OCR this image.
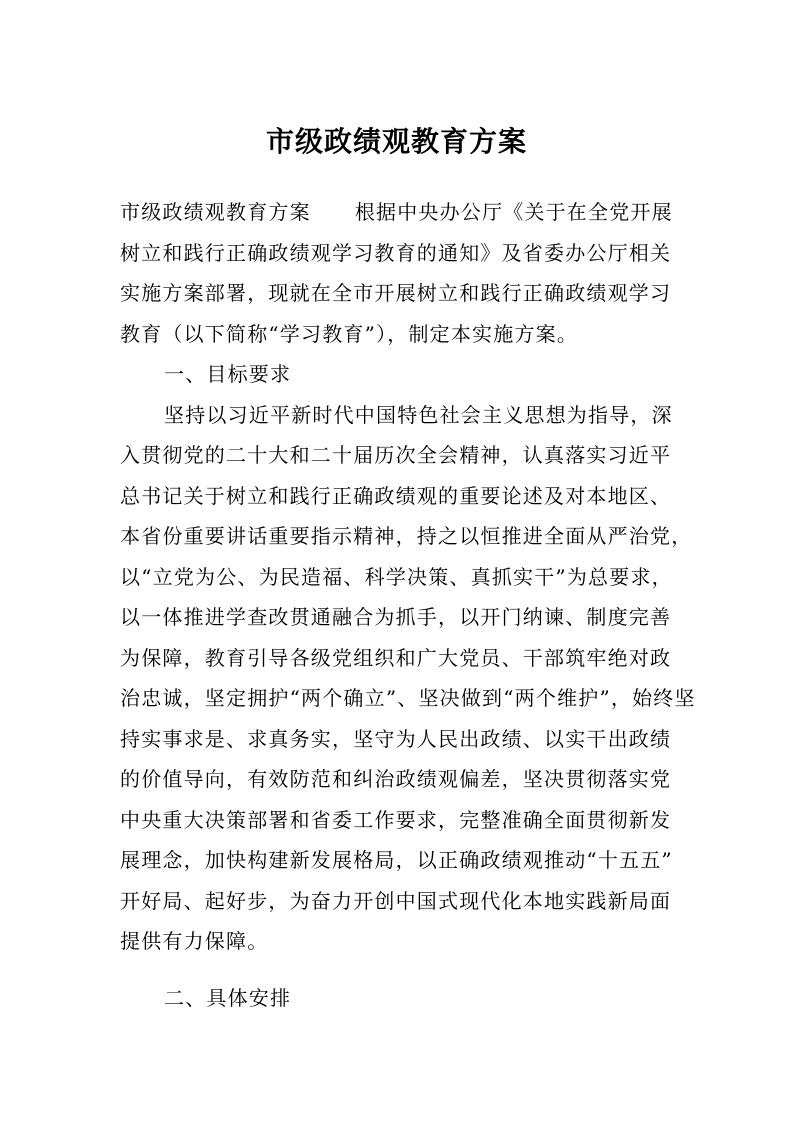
市级政绩观教育方案
市级政绩观教育方案 根据中央办公厅《关于在全党开展
树立和践行正确政绩观学习教育的通知》及省委办公厅相关
实施方案部署，现就在全市开展树立和践行正确政绩观学习
教育（以下简称“学习教育”），制定本实施方案。
一、目标要求
坚持以习近平新时代中国特色社会主义思想为指导，深
入贯彻党的二十大和二十届历次全会精神，认真落实习近平
总书记关于树立和践行正确政绩观的重要论述及对本地区、
本省份重要讲话重要指示精神，持之以恒推进全面从严治党，
以“立党为公、为民造福、科学决策、真抓实干”为总要求，
以一体推进学查改贯通融合为抓手，以开门纳谏、制度完善
为保障，教育引导各级党组织和广大党员、干部筑牢绝对政
治忠诚，坚定拥护“两个确立”、坚决做到“两个维护”，始终坚
持实事求是、求真务实，坚守为人民出政绩、以实干出政绩
的价值导向，有效防范和纠治政绩观偏差，坚决贯彻落实党
中央重大决策部署和省委工作要求，完整准确全面贯彻新发
展理念，加快构建新发展格局，以正确政绩观推动“十五五”
开好局、起好步，为奋力开创中国式现代化本地实践新局面
提供有力保障。
二、具体安排
